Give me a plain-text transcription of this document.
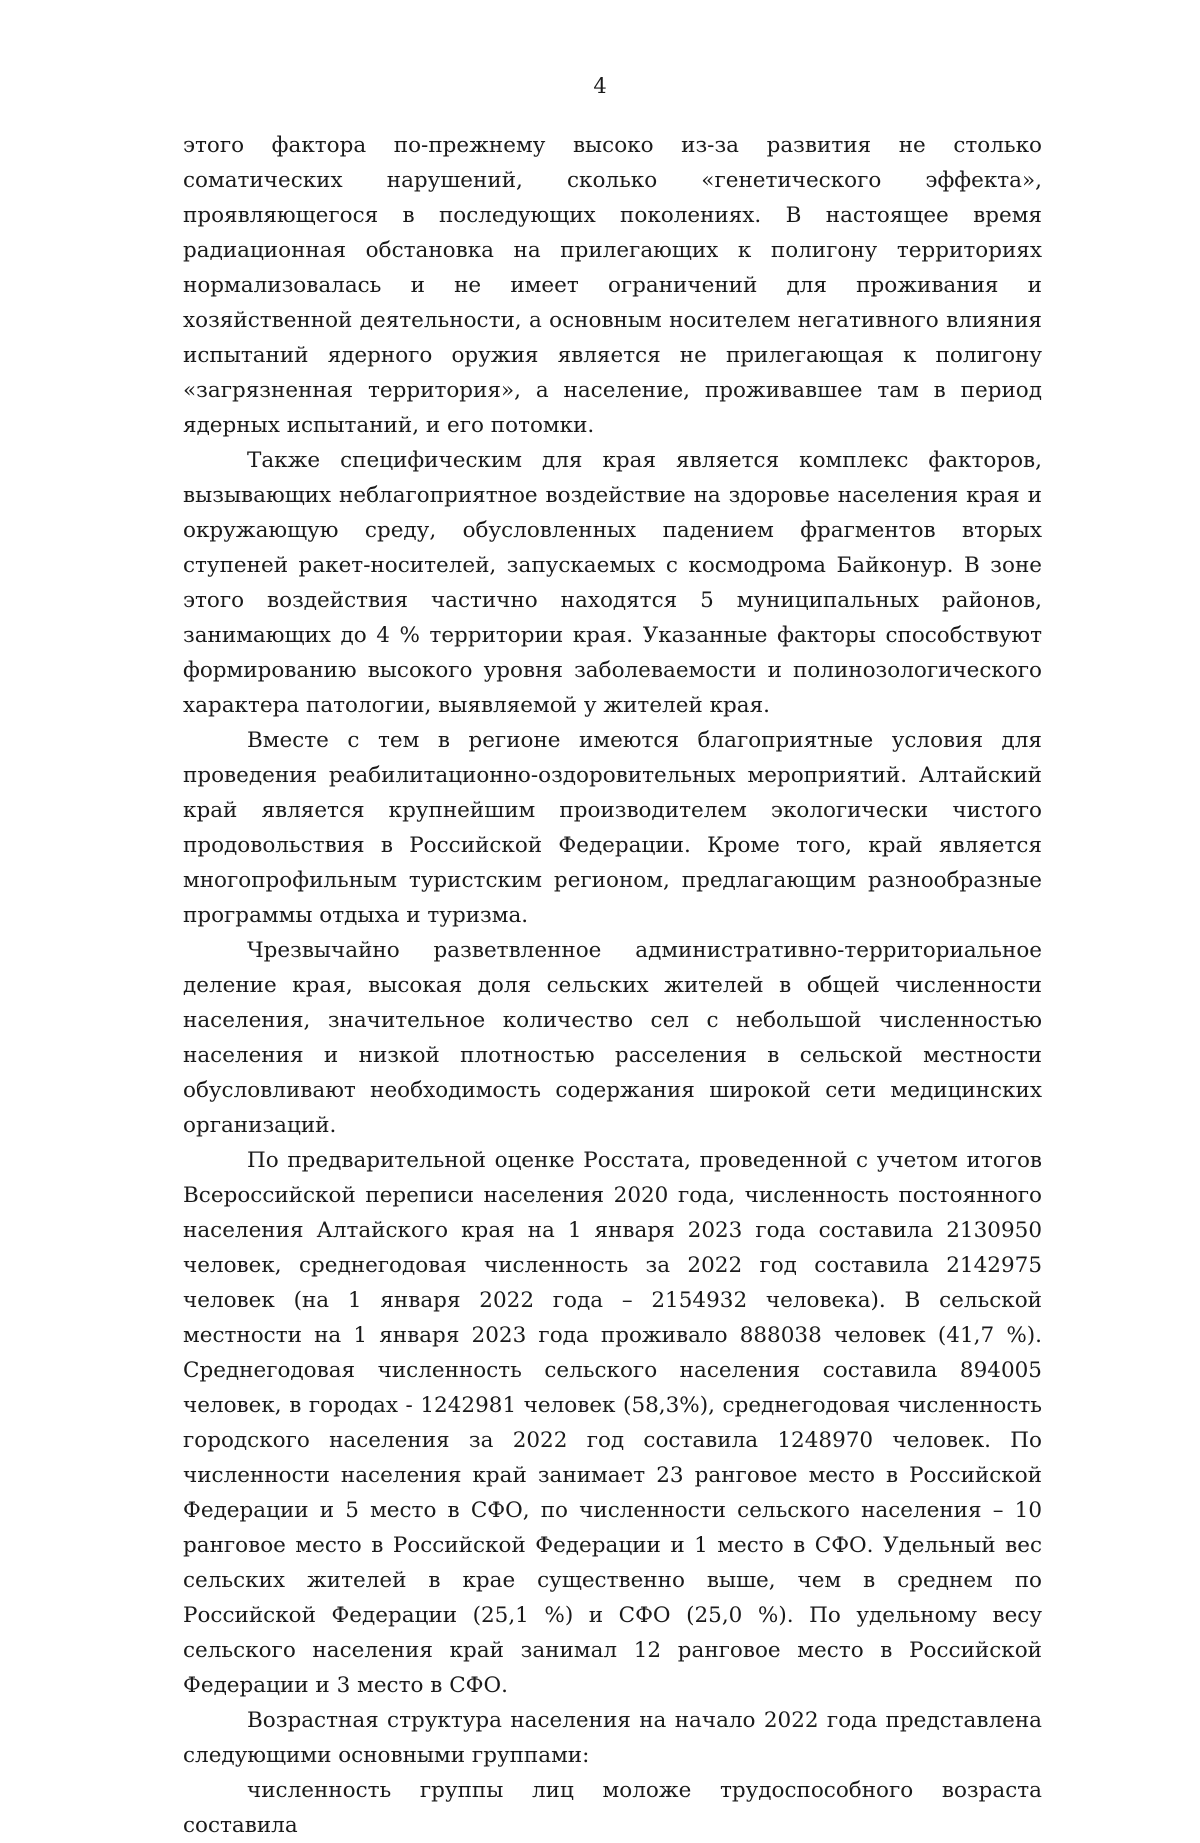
4

этого фактора по-прежнему высоко из-за развития не столько соматических нарушений, сколько «генетического эффекта», проявляющегося в последующих поколениях. В настоящее время радиационная обстановка на прилегающих к полигону территориях нормализовалась и не имеет ограничений для проживания и хозяйственной деятельности, а основным носителем негативного влияния испытаний ядерного оружия является не прилегающая к полигону «загрязненная территория», а население, проживавшее там в период ядерных испытаний, и его потомки.

Также специфическим для края является комплекс факторов, вызывающих неблагоприятное воздействие на здоровье населения края и окружающую среду, обусловленных падением фрагментов вторых ступеней ракет-носителей, запускаемых с космодрома Байконур. В зоне этого воздействия частично находятся 5 муниципальных районов, занимающих до 4 % территории края. Указанные факторы способствуют формированию высокого уровня заболеваемости и полинозологического характера патологии, выявляемой у жителей края.

Вместе с тем в регионе имеются благоприятные условия для проведения реабилитационно-оздоровительных мероприятий. Алтайский край является крупнейшим производителем экологически чистого продовольствия в Российской Федерации. Кроме того, край является многопрофильным туристским регионом, предлагающим разнообразные программы отдыха и туризма.

Чрезвычайно разветвленное административно-территориальное деление края, высокая доля сельских жителей в общей численности населения, значительное количество сел с небольшой численностью населения и низкой плотностью расселения в сельской местности обусловливают необходимость содержания широкой сети медицинских организаций.

По предварительной оценке Росстата, проведенной с учетом итогов Всероссийской переписи населения 2020 года, численность постоянного населения Алтайского края на 1 января 2023 года составила 2130950 человек, среднегодовая численность за 2022 год составила 2142975 человек (на 1 января 2022 года – 2154932 человека). В сельской местности на 1 января 2023 года проживало 888038 человек (41,7 %). Среднегодовая численность сельского населения составила 894005 человек, в городах - 1242981 человек (58,3%), среднегодовая численность городского населения за 2022 год составила 1248970 человек. По численности населения край занимает 23 ранговое место в Российской Федерации и 5 место в СФО, по численности сельского населения – 10 ранговое место в Российской Федерации и 1 место в СФО. Удельный вес сельских жителей в крае существенно выше, чем в среднем по Российской Федерации (25,1 %) и СФО (25,0 %). По удельному весу сельского населения край занимал 12 ранговое место в Российской Федерации и 3 место в СФО.

Возрастная структура населения на начало 2022 года представлена следующими основными группами:

численность группы лиц моложе трудоспособного возраста составила
